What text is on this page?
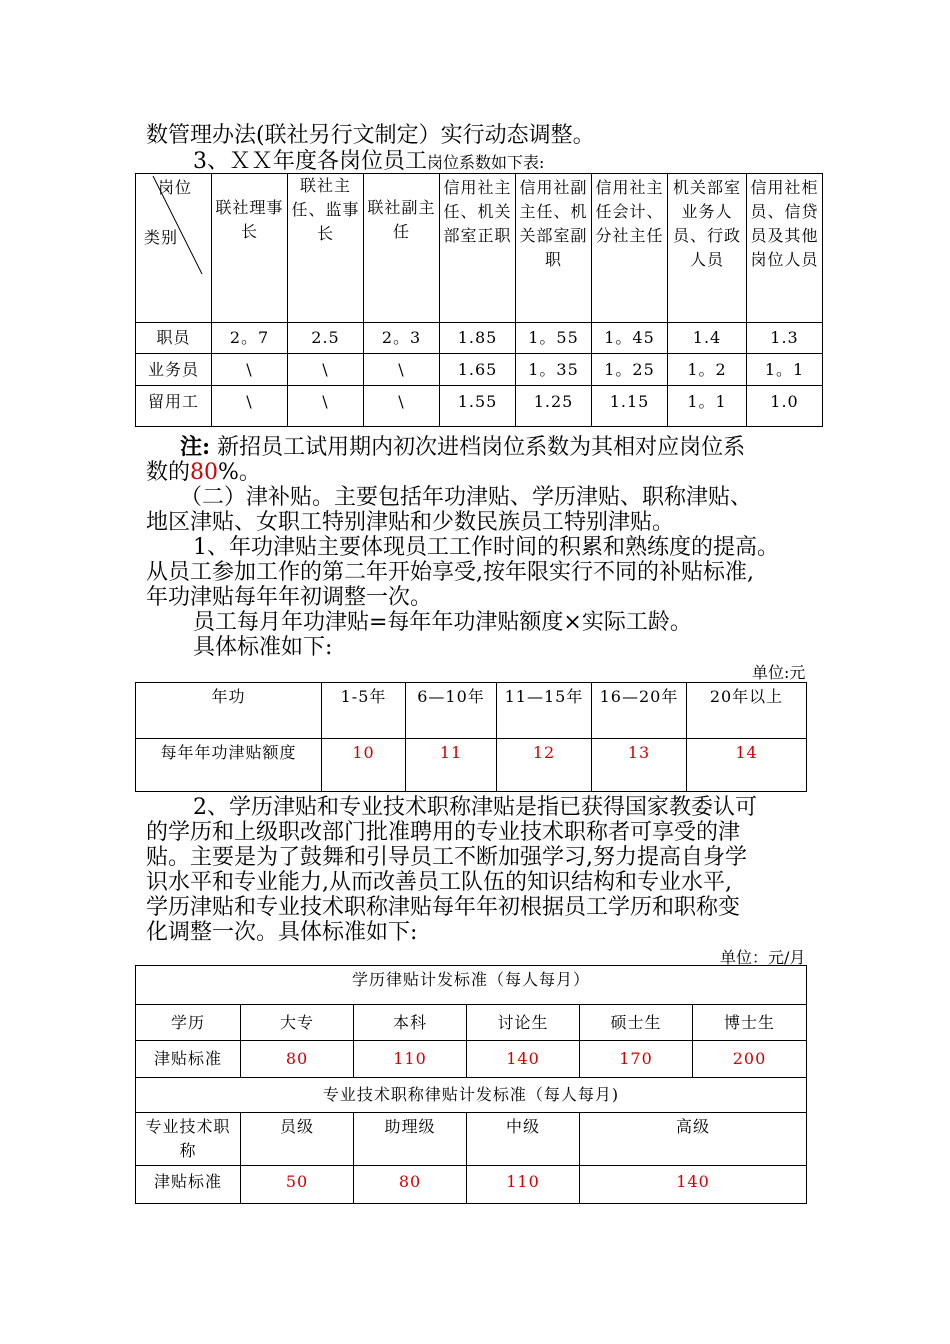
数管理办法(联社另行文制定）实行动态调整。
3、ＸＸ年度各岗位员工岗位系数如下表:
岗位
类别	联社理事长	联社主任、监事长	联社副主任	信用社主任、机关部室正职	信用社副主任、机关部室副职	信用社主任会计、分社主任	机关部室业务人员、行政人员	信用社柜员、信贷员及其他岗位人员
职员	2。7	2.5	2。3	1.85	1。55	1。45	1.4	1.3
业务员	\	\	\	1.65	1。35	1。25	1。2	1。1
留用工	\	\	\	1.55	1.25	1.15	1。1	1.0
注: 新招员工试用期内初次进档岗位系数为其相对应岗位系
数的80%。
（二）津补贴。主要包括年功津贴、学历津贴、职称津贴、
地区津贴、女职工特别津贴和少数民族员工特别津贴。
1、年功津贴主要体现员工工作时间的积累和熟练度的提高。
从员工参加工作的第二年开始享受,按年限实行不同的补贴标准,
年功津贴每年年初调整一次。
员工每月年功津贴=每年年功津贴额度×实际工龄。
具体标准如下:
单位:元
年功	1-5年	6—10年	11—15年	16—20年	20年以上
每年年功津贴额度	10	11	12	13	14
2、学历津贴和专业技术职称津贴是指已获得国家教委认可
的学历和上级职改部门批准聘用的专业技术职称者可享受的津
贴。主要是为了鼓舞和引导员工不断加强学习,努力提高自身学
识水平和专业能力,从而改善员工队伍的知识结构和专业水平,
学历津贴和专业技术职称津贴每年年初根据员工学历和职称变
化调整一次。具体标准如下:
单位：元/月
学历律贴计发标准（每人每月）					
学历	大专	本科	讨论生	硕士生	博士生
津贴标准	80	110	140	170	200
专业技术职称律贴计发标准（每人每月)					
专业技术职称	员级	助理级	中级	高级	
津贴标准	50	80	110	140	
